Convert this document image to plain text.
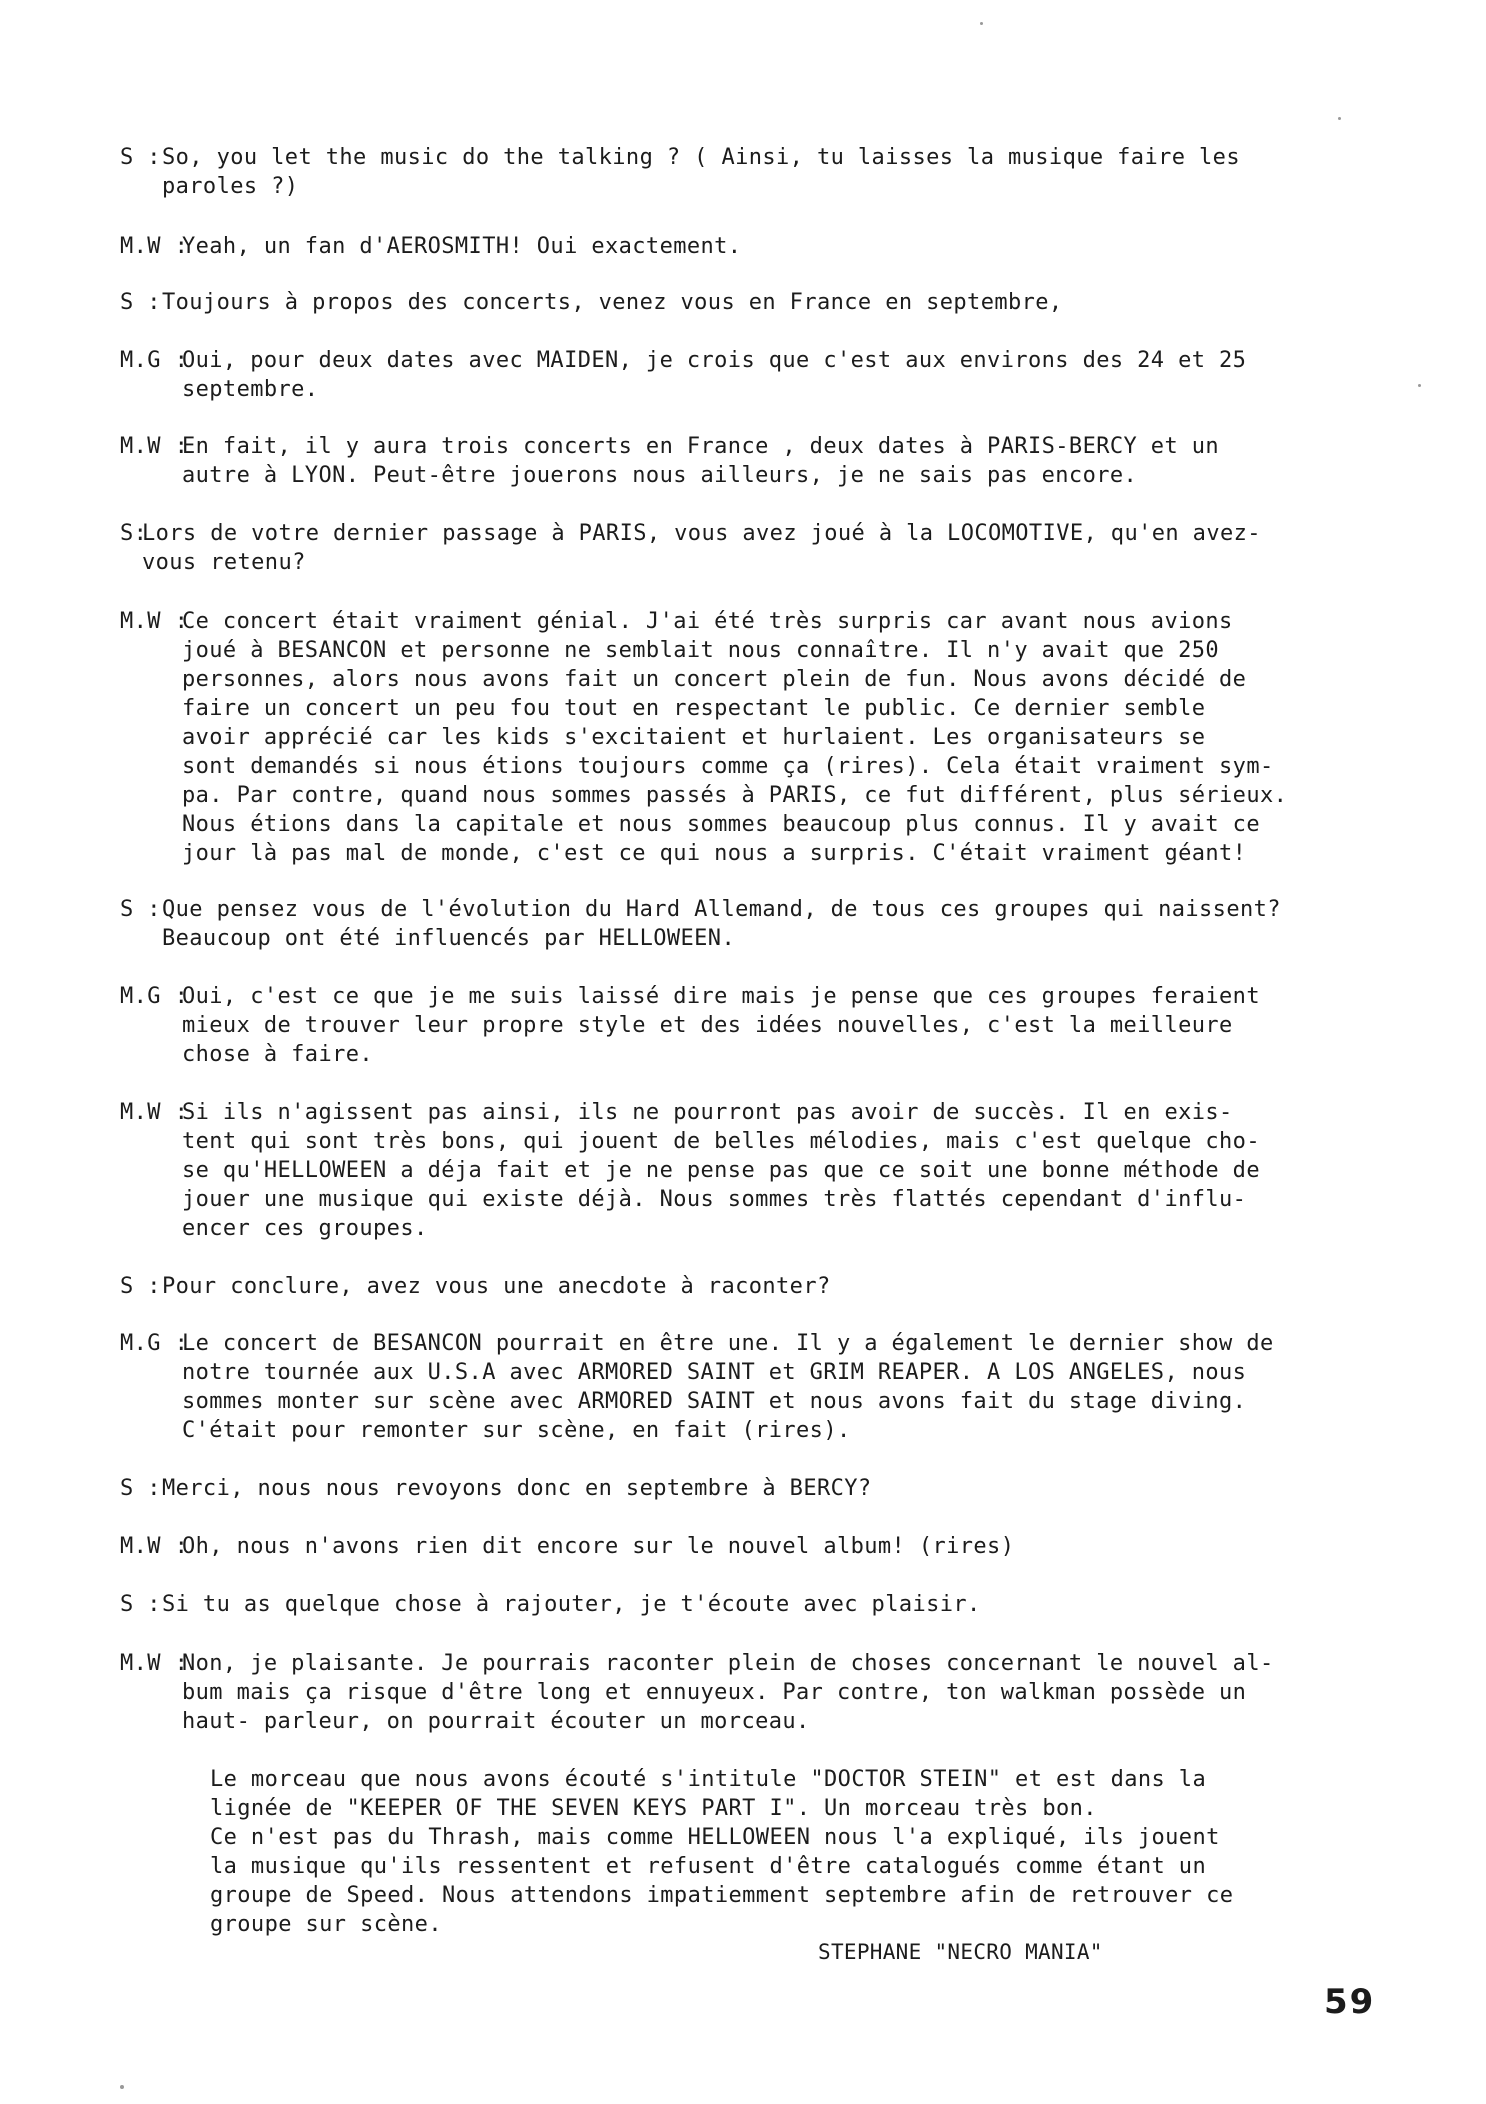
S : So, you let the music do the talking ? ( Ainsi, tu laisses la musique faire les
paroles ?)
M.W :
Yeah, un fan d'AEROSMITH! Oui exactement.
S : Toujours à propos des concerts, venez vous en France en septembre,
M.G :
Oui, pour deux dates avec MAIDEN, je crois que c'est aux environs des 24 et 25
septembre.
M.W :
En fait, il y aura trois concerts en France , deux dates à PARIS-BERCY et un
autre à LYON. Peut-être jouerons nous ailleurs, je ne sais pas encore.
S:
Lors de votre dernier passage à PARIS, vous avez joué à la LOCOMOTIVE, qu'en avez-
vous retenu?
M.W :
Ce concert était vraiment génial. J'ai été très surpris car avant nous avions
joué à BESANCON et personne ne semblait nous connaître. Il n'y avait que 250
personnes, alors nous avons fait un concert plein de fun. Nous avons décidé de
faire un concert un peu fou tout en respectant le public. Ce dernier semble
avoir apprécié car les kids s'excitaient et hurlaient. Les organisateurs se
sont demandés si nous étions toujours comme ça (rires). Cela était vraiment sym-
pa. Par contre, quand nous sommes passés à PARIS, ce fut différent, plus sérieux.
Nous étions dans la capitale et nous sommes beaucoup plus connus. Il y avait ce
jour là pas mal de monde, c'est ce qui nous a surpris. C'était vraiment géant!
S : Que pensez vous de l'évolution du Hard Allemand, de tous ces groupes qui naissent?
Beaucoup ont été influencés par HELLOWEEN.
M.G :
Oui, c'est ce que je me suis laissé dire mais je pense que ces groupes feraient
mieux de trouver leur propre style et des idées nouvelles, c'est la meilleure
chose à faire.
M.W :
Si ils n'agissent pas ainsi, ils ne pourront pas avoir de succès. Il en exis-
tent qui sont très bons, qui jouent de belles mélodies, mais c'est quelque cho-
se qu'HELLOWEEN a déja fait et je ne pense pas que ce soit une bonne méthode de
jouer une musique qui existe déjà. Nous sommes très flattés cependant d'influ-
encer ces groupes.
S : Pour conclure, avez vous une anecdote à raconter?
M.G :
Le concert de BESANCON pourrait en être une. Il y a également le dernier show de
notre tournée aux U.S.A avec ARMORED SAINT et GRIM REAPER. A LOS ANGELES, nous
sommes monter sur scène avec ARMORED SAINT et nous avons fait du stage diving.
C'était pour remonter sur scène, en fait (rires).
S : Merci, nous nous revoyons donc en septembre à BERCY?
M.W :
Oh, nous n'avons rien dit encore sur le nouvel album! (rires)
S : Si tu as quelque chose à rajouter, je t'écoute avec plaisir.
M.W :
Non, je plaisante. Je pourrais raconter plein de choses concernant le nouvel al-
bum mais ça risque d'être long et ennuyeux. Par contre, ton walkman possède un
haut- parleur, on pourrait écouter un morceau.
Le morceau que nous avons écouté s'intitule "DOCTOR STEIN" et est dans la
lignée de "KEEPER OF THE SEVEN KEYS PART I". Un morceau très bon.
Ce n'est pas du Thrash, mais comme HELLOWEEN nous l'a expliqué, ils jouent
la musique qu'ils ressentent et refusent d'être catalogués comme étant un
groupe de Speed. Nous attendons impatiemment septembre afin de retrouver ce
groupe sur scène.
STEPHANE "NECRO MANIA"
59
